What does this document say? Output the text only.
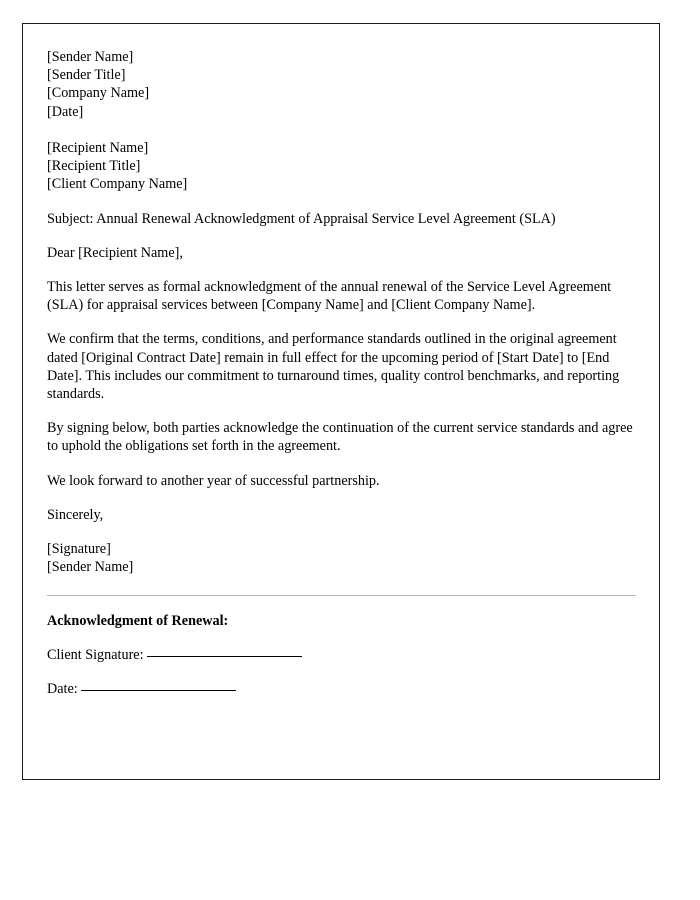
[Sender Name]
[Sender Title]
[Company Name]
[Date]
[Recipient Name]
[Recipient Title]
[Client Company Name]

Subject: Annual Renewal Acknowledgment of Appraisal Service Level Agreement (SLA)

Dear [Recipient Name],

This letter serves as formal acknowledgment of the annual renewal of the Service Level Agreement (SLA) for appraisal services between [Company Name] and [Client Company Name].

We confirm that the terms, conditions, and performance standards outlined in the original agreement dated [Original Contract Date] remain in full effect for the upcoming period of [Start Date] to [End Date]. This includes our commitment to turnaround times, quality control benchmarks, and reporting standards.

By signing below, both parties acknowledge the continuation of the current service standards and agree to uphold the obligations set forth in the agreement.

We look forward to another year of successful partnership.

Sincerely,

[Signature]
[Sender Name]

Acknowledgment of Renewal:

Client Signature:

Date:
